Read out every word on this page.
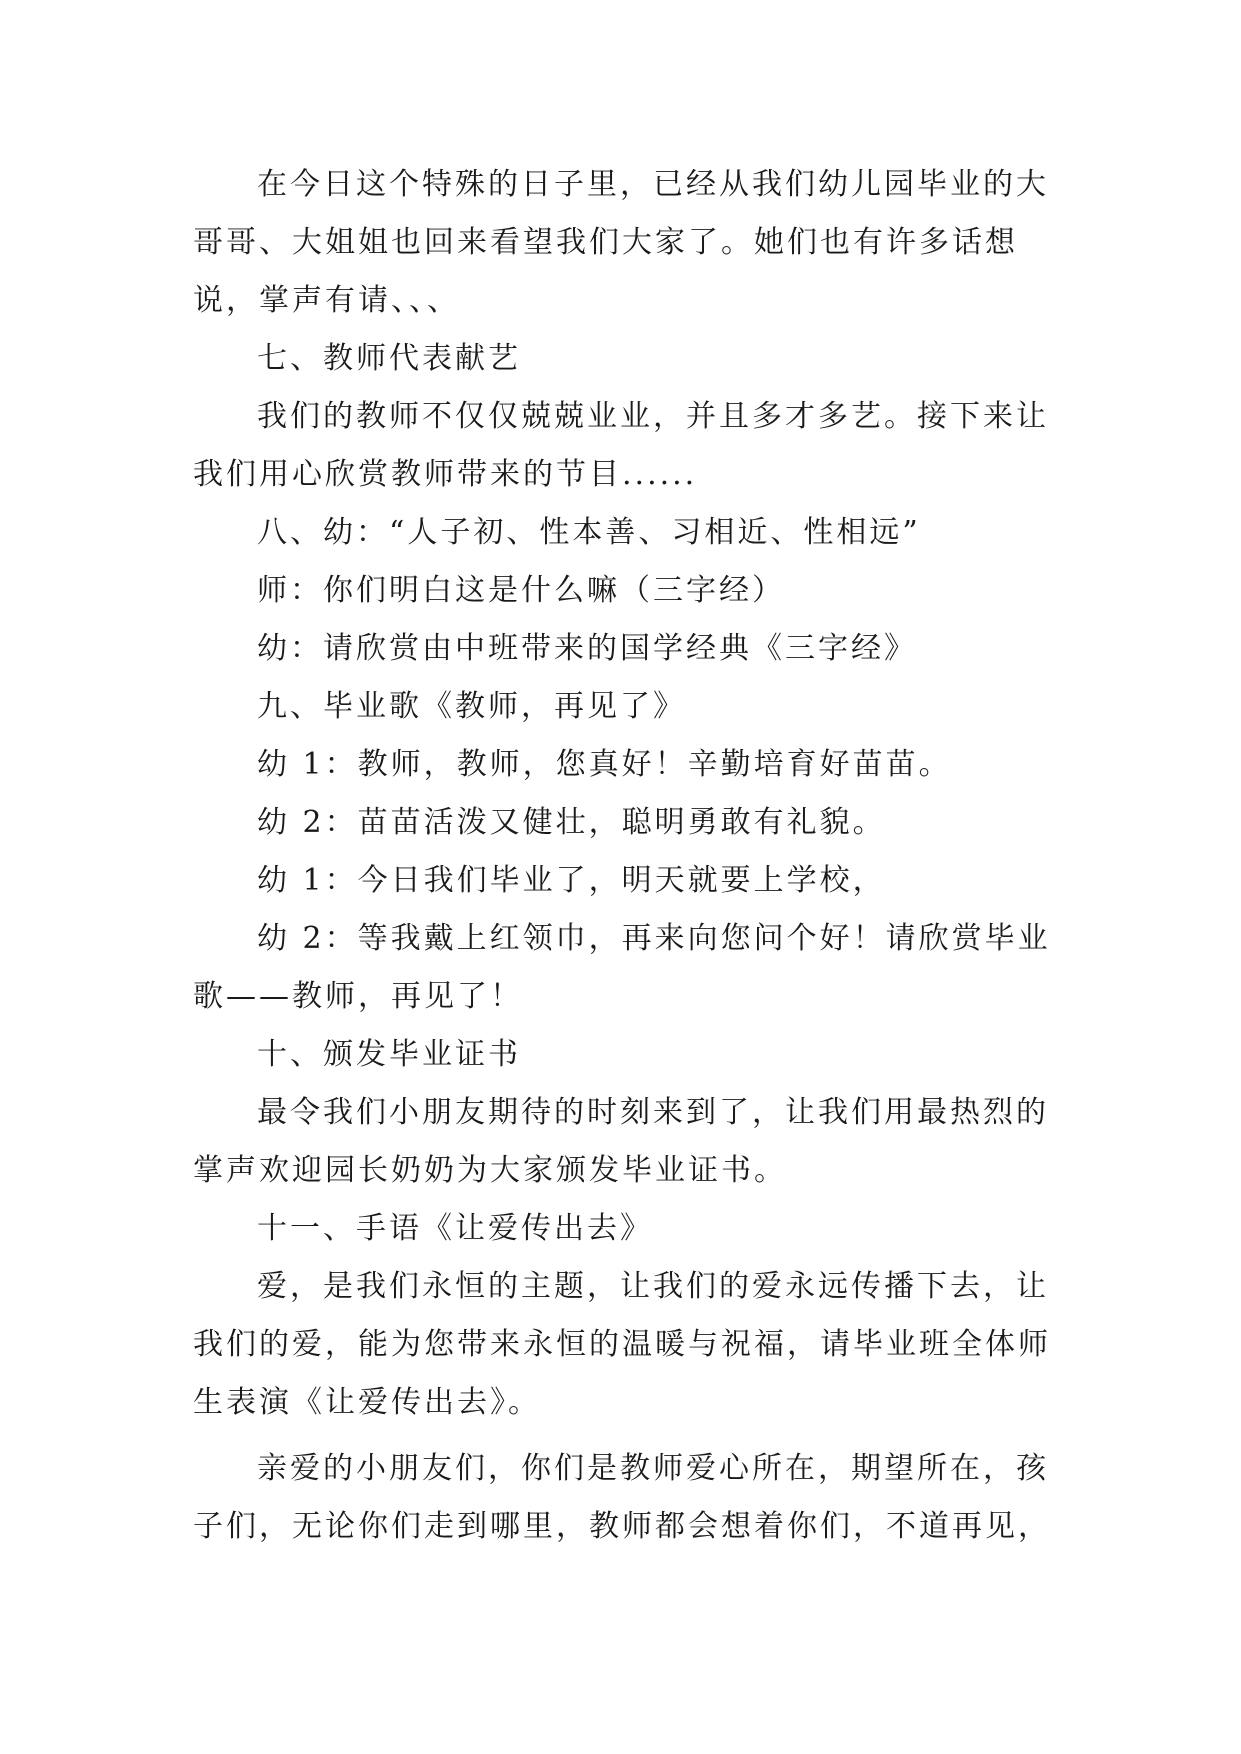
在今日这个特殊的日子里，已经从我们幼儿园毕业的大哥哥、大姐姐也回来看望我们大家了。她们也有许多话想说，掌声有请、、、

七、教师代表献艺

我们的教师不仅仅兢兢业业，并且多才多艺。接下来让我们用心欣赏教师带来的节目......

八、幼：“人子初、性本善、习相近、性相远”

师：你们明白这是什么嘛（三字经）

幼：请欣赏由中班带来的国学经典《三字经》

九、毕业歌《教师，再见了》

幼 1：教师，教师，您真好！辛勤培育好苗苗。

幼 2：苗苗活泼又健壮，聪明勇敢有礼貌。

幼 1：今日我们毕业了，明天就要上学校，

幼 2：等我戴上红领巾，再来向您问个好！请欣赏毕业歌——教师，再见了！

十、颁发毕业证书

最令我们小朋友期待的时刻来到了，让我们用最热烈的掌声欢迎园长奶奶为大家颁发毕业证书。

十一、手语《让爱传出去》

爱，是我们永恒的主题，让我们的爱永远传播下去，让我们的爱，能为您带来永恒的温暖与祝福，请毕业班全体师生表演《让爱传出去》。

亲爱的小朋友们，你们是教师爱心所在，期望所在，孩子们，无论你们走到哪里，教师都会想着你们，不道再见，
